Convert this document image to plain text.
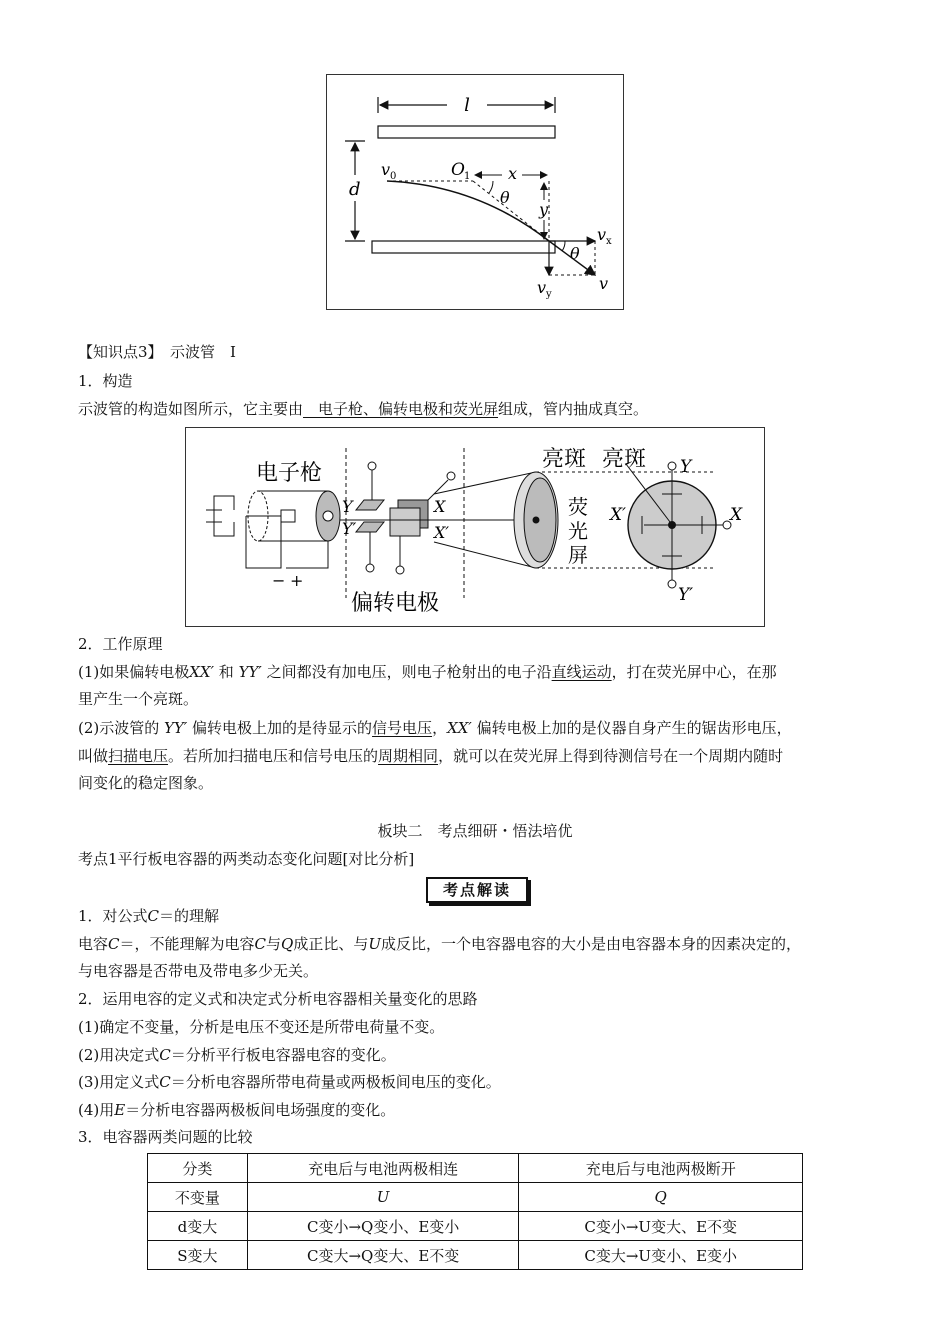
l
d
v 0	O 1 x
θ
y
θ
v x
v y
v
【知识点3】　示波管　Ⅰ
1．构造
示波管的构造如图所示，它主要由　电子枪、偏转电极和荧光屏组成，管内抽成真空。
电子枪
偏转电极
亮斑 亮斑
荧
光
屏
− +
Y
Y′
X
X′
Y
Y′
X
X′
2．工作原理
(1)如果偏转电极XX′ 和 YY′ 之间都没有加电压，则电子枪射出的电子沿直线运动，打在荧光屏中心，在那
里产生一个亮斑。
(2)示波管的 YY′ 偏转电极上加的是待显示的信号电压，XX′ 偏转电极上加的是仪器自身产生的锯齿形电压，
叫做扫描电压。若所加扫描电压和信号电压的周期相同，就可以在荧光屏上得到待测信号在一个周期内随时
间变化的稳定图象。
板块二　考点细研・悟法培优
考点1平行板电容器的两类动态变化问题[对比分析]
考点解读
1．对公式C＝的理解
电容C＝，不能理解为电容C与Q成正比、与U成反比，一个电容器电容的大小是由电容器本身的因素决定的，
与电容器是否带电及带电多少无关。
2．运用电容的定义式和决定式分析电容器相关量变化的思路
(1)确定不变量，分析是电压不变还是所带电荷量不变。
(2)用决定式C＝分析平行板电容器电容的变化。
(3)用定义式C＝分析电容器所带电荷量或两极板间电压的变化。
(4)用E＝分析电容器两极板间电场强度的变化。
3．电容器两类问题的比较
分类	充电后与电池两极相连	充电后与电池两极断开
不变量	U	Q
d变大	C变小→Q变小、E变小	C变小→U变大、E不变
S变大	C变大→Q变大、E不变	C变大→U变小、E变小
